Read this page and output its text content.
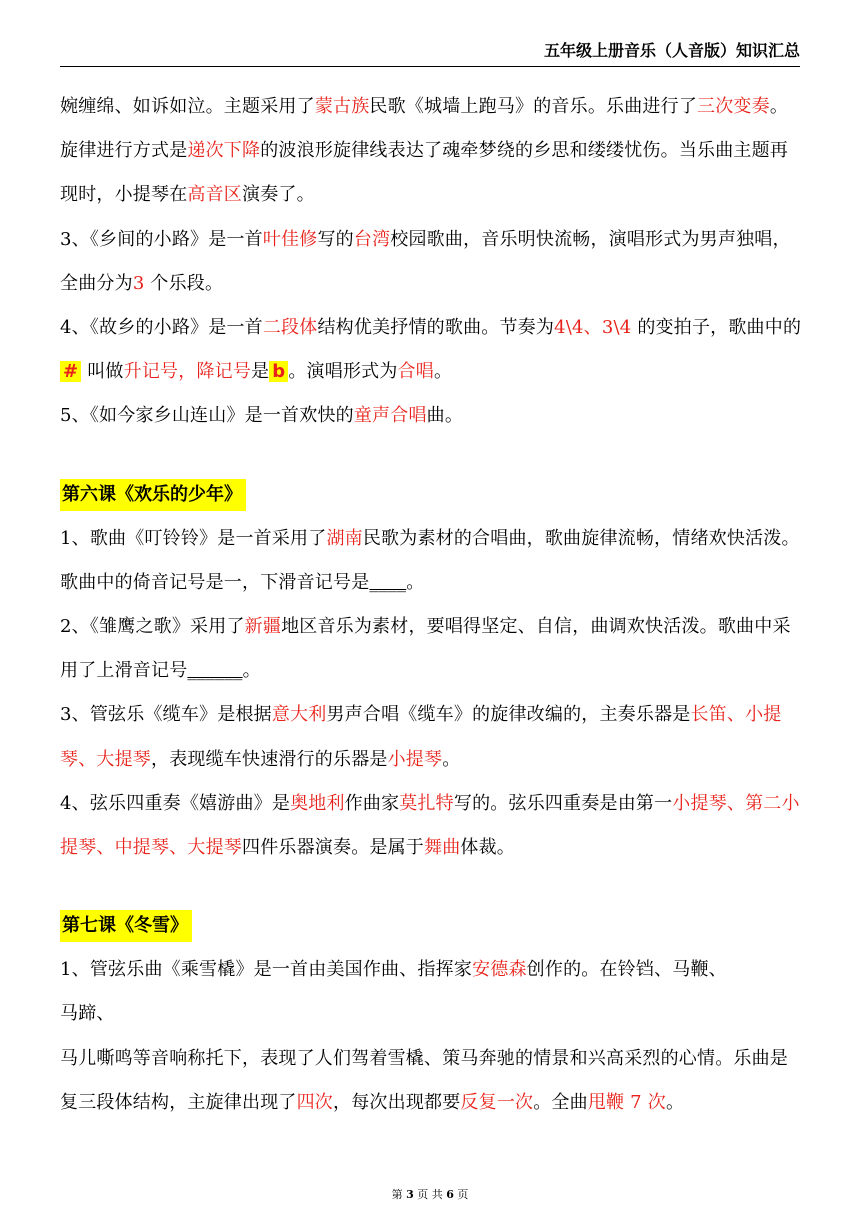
五年级上册音乐（人音版）知识汇总

婉缠绵、如诉如泣。主题采用了蒙古族民歌《城墙上跑马》的音乐。乐曲进行了三次变奏。旋律进行方式是递次下降的波浪形旋律线表达了魂牵梦绕的乡思和缕缕忧伤。当乐曲主题再现时，小提琴在高音区演奏了。

3、《乡间的小路》是一首叶佳修写的台湾校园歌曲，音乐明快流畅，演唱形式为男声独唱，全曲分为3 个乐段。

4、《故乡的小路》是一首二段体结构优美抒情的歌曲。节奏为4\4、3\4 的变拍子，歌曲中的 # 叫做升记号，降记号是 b 。演唱形式为合唱。

5、《如今家乡山连山》是一首欢快的童声合唱曲。

第六课《欢乐的少年》

1、歌曲《叮铃铃》是一首采用了湖南民歌为素材的合唱曲，歌曲旋律流畅，情绪欢快活泼。歌曲中的倚音记号是一，下滑音记号是____。

2、《雏鹰之歌》采用了新疆地区音乐为素材，要唱得坚定、自信，曲调欢快活泼。歌曲中采用了上滑音记号______。

3、管弦乐《缆车》是根据意大利男声合唱《缆车》的旋律改编的，主奏乐器是长笛、小提琴、大提琴，表现缆车快速滑行的乐器是小提琴。

4、弦乐四重奏《嬉游曲》是奥地利作曲家莫扎特写的。弦乐四重奏是由第一小提琴、第二小提琴、中提琴、大提琴四件乐器演奏。是属于舞曲体裁。

第七课《冬雪》

1、管弦乐曲《乘雪橇》是一首由美国作曲、指挥家安德森创作的。在铃铛、马鞭、
马蹄、

马儿嘶鸣等音响称托下，表现了人们驾着雪橇、策马奔驰的情景和兴高采烈的心情。乐曲是复三段体结构，主旋律出现了四次，每次出现都要反复一次。全曲甩鞭 7 次。

第 3 页 共 6 页
